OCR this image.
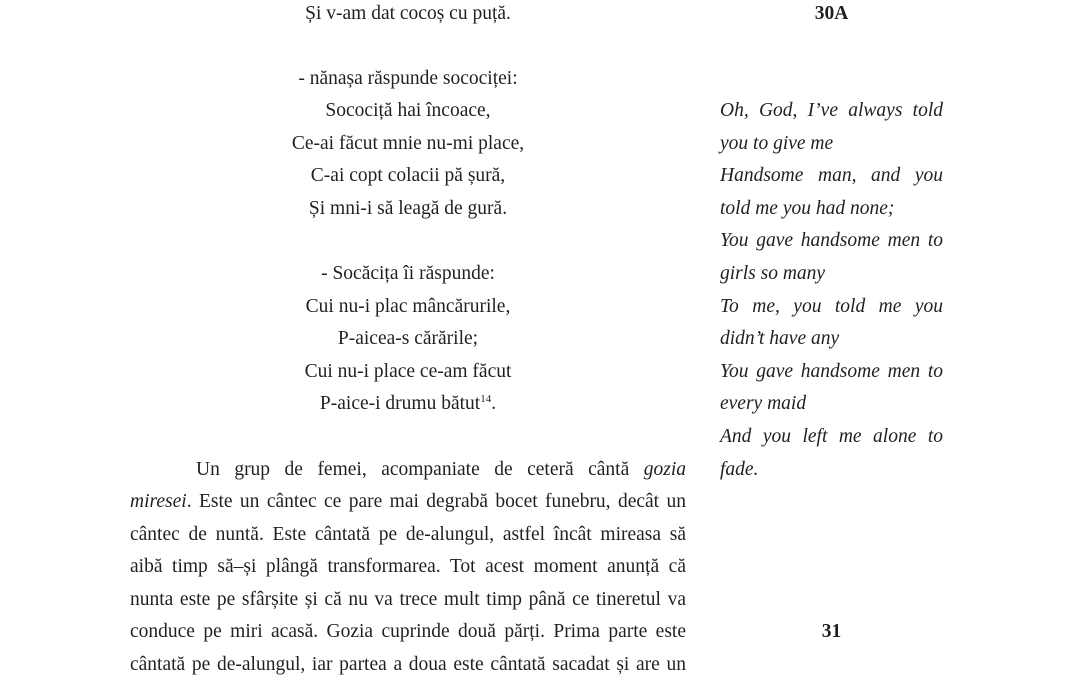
Și v-am dat cocoș cu puță.
- nănașa răspunde socociței:
Socociță hai încoace,
Ce-ai făcut mnie nu-mi place,
C-ai copt colacii pă șură,
Și mni-i să leagă de gură.
- Socăcița îi răspunde:
Cui nu-i plac mâncărurile,
P-aicea-s cărările;
Cui nu-i place ce-am făcut
P-aice-i drumu bătut$^{14}$.
Un grup de femei, acompaniate de ceteră cântă gozia
miresei. Este un cântec ce pare mai degrabă bocet funebru, decât un
cântec de nuntă. Este cântată pe de-alungul, astfel încât mireasa să
aibă timp să–și plângă transformarea. Tot acest moment anunță că
nunta este pe sfârșite și că nu va trece mult timp până ce tineretul va
conduce pe miri acasă. Gozia cuprinde două părți. Prima parte este
cântată pe de-alungul, iar partea a doua este cântată sacadat și are un
30A
Oh, God, I’ve always told
you to give me
Handsome man, and you
told me you had none;
You gave handsome men to
girls so many
To me, you told me you
didn’t have any
You gave handsome men to
every maid
And you left me alone to
fade.
31
